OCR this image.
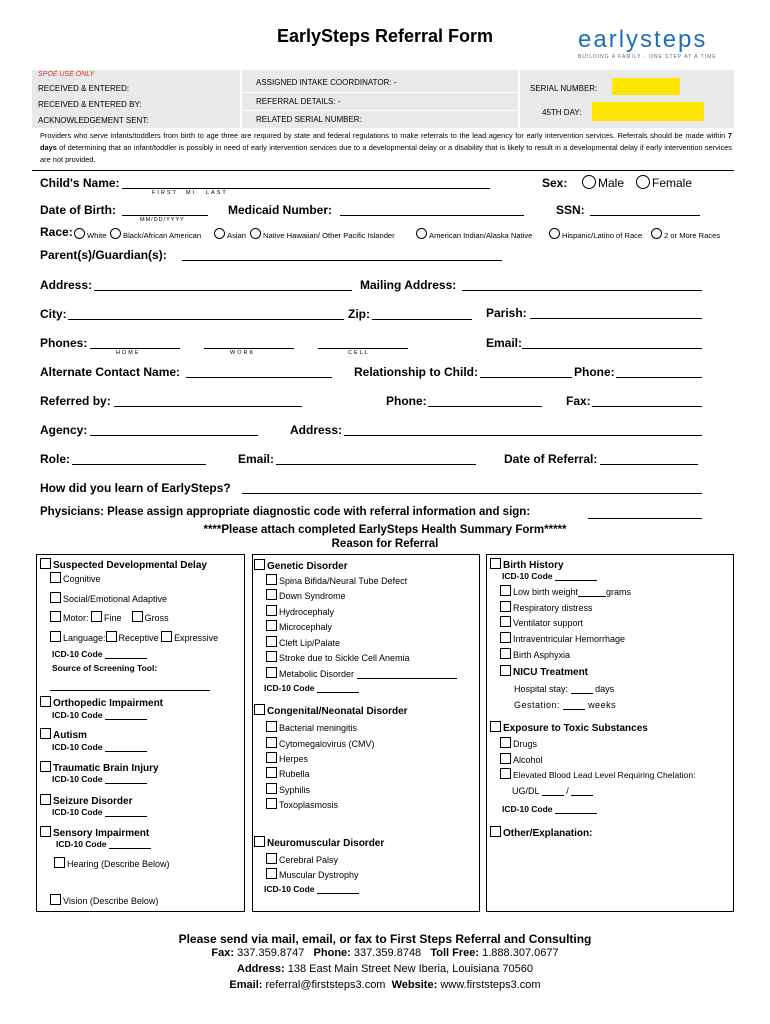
EarlySteps Referral Form	earlysteps
BUILDING A FAMILY · ONE STEP AT A TIME
SPOE USE ONLY
RECEIVED & ENTERED:
RECEIVED & ENTERED BY:
ACKNOWLEDGEMENT SENT:
ASSIGNED INTAKE COORDINATOR: -
REFERRAL DETAILS: -
RELATED SERIAL NUMBER:
SERIAL NUMBER:
45TH DAY:
Providers who serve infants/toddlers from birth to age three are required by state and federal regulations to make referrals to the lead agency for early intervention services. Referrals should be made within 7 days of determining that an infant/toddler is possibly in need of early intervention services due to a developmental delay or a disability that is likely to result in a developmental delay if early intervention services are not provided.
Child's Name:
FIRST MI LAST
Sex:	Male	Female
Date of Birth:
MM/DD/YYYY
Medicaid Number:	SSN:
Race:	White	Black/African American	Asian	Native Hawaiian/ Other Pacific Islander	American Indian/Alaska Native	Hispanic/Latino of Race	2 or More Races
Parent(s)/Guardian(s):
Address:	Mailing Address:
City:	Zip:	Parish:
Phones:
HOME	WORK	CELL
Email:
Alternate Contact Name:	Relationship to Child:	Phone:
Referred by:	Phone:	Fax:
Agency:	Address:
Role:	Email:	Date of Referral:
How did you learn of EarlySteps?
Physicians: Please assign appropriate diagnostic code with referral information and sign:
****Please attach completed EarlySteps Health Summary Form*****
Reason for Referral
Suspected Developmental Delay
Cognitive
Social/Emotional Adaptive
Motor: Fine	Gross
Language: Receptive Expressive
ICD-10 Code
Source of Screening Tool:
Orthopedic Impairment
ICD-10 Code
Autism
ICD-10 Code
Traumatic Brain Injury
ICD-10 Code
Seizure Disorder
ICD-10 Code
Sensory Impairment
ICD-10 Code
Hearing (Describe Below)
Vision (Describe Below)
Genetic Disorder
Spina Bifida/Neural Tube Defect
Down Syndrome
Hydrocephaly
Microcephaly
Cleft Lip/Palate
Stroke due to Sickle Cell Anemia
Metabolic Disorder
ICD-10 Code
Congenital/Neonatal Disorder
Bacterial meningitis
Cytomegalovirus (CMV)
Herpes
Rubella
Syphilis
Toxoplasmosis
Neuromuscular Disorder
Cerebral Palsy
Muscular Dystrophy
ICD-10 Code
Birth History
ICD-10 Code
Low birth weight	grams
Respiratory distress
Ventilator support
Intraventricular Hemorrhage
Birth Asphyxia
NICU Treatment
Hospital stay:	days
Gestation:	weeks
Exposure to Toxic Substances
Drugs
Alcohol
Elevated Blood Lead Level Requiring Chelation:
UG/DL	/
ICD-10 Code
Other/Explanation:
Please send via mail, email, or fax to First Steps Referral and Consulting
Fax: 337.359.8747 Phone: 337.359.8748 Toll Free: 1.888.307.0677
Address: 138 East Main Street New Iberia, Louisiana 70560
Email: referral@firststeps3.com Website: www.firststeps3.com
